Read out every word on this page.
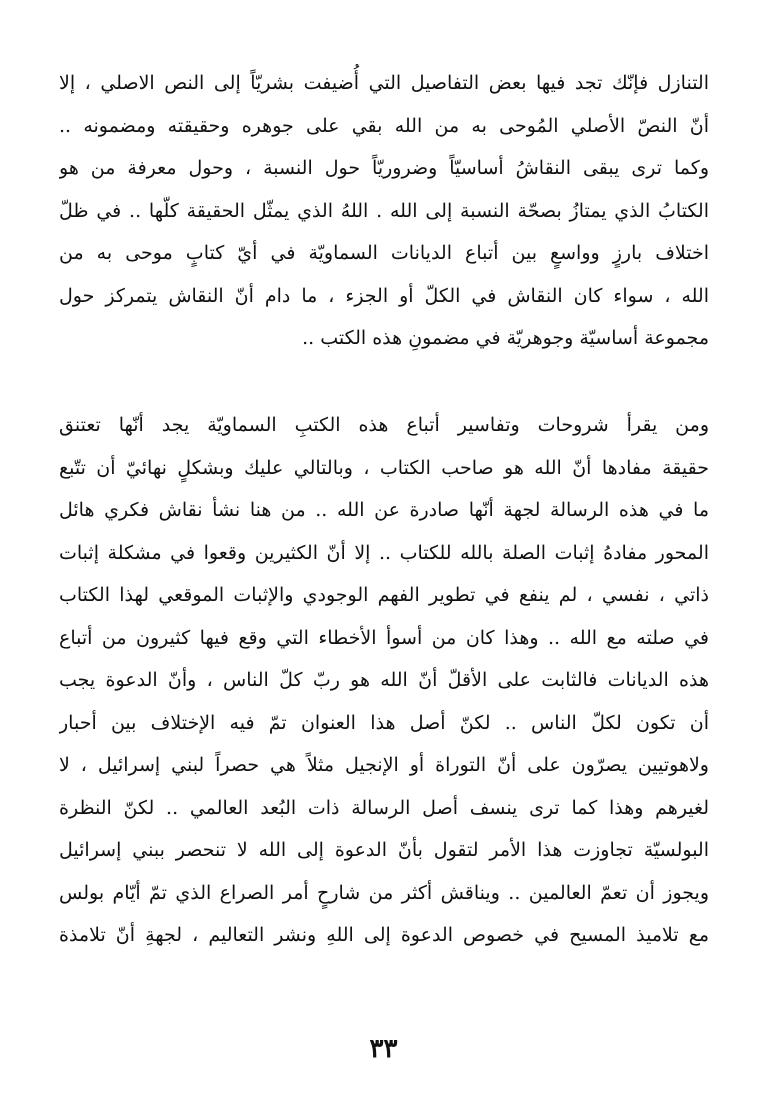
التنازل فإنّك تجد فيها بعض التفاصيل التي أُضيفت بشريّاً إلى النص الاصلي ، إلا
أنّ النصّ الأصلي المُوحى به من الله بقي على جوهره وحقيقته ومضمونه ..
وكما ترى يبقى النقاشُ أساسيّاً وضروريّاً حول النسبة ، وحول معرفة من هو
الكتابُ الذي يمتازُ بصحّة النسبة إلى الله . اللهُ الذي يمثّل الحقيقة كلّها .. في ظلّ
اختلاف بارزٍ وواسعٍ بين أتباع الديانات السماويّة في أيّ كتابٍ موحى به من
الله ، سواء كان النقاش في الكلّ أو الجزء ، ما دام أنّ النقاش يتمركز حول
مجموعة أساسيّة وجوهريّة في مضمونِ هذه الكتب ..
ومن يقرأ شروحات وتفاسير أتباع هذه الكتبِ السماويّة يجد أنّها تعتنق
حقيقة مفادها أنّ الله هو صاحب الكتاب ، وبالتالي عليك وبشكلٍ نهائيّ أن تتّبع
ما في هذه الرسالة لجهة أنّها صادرة عن الله .. من هنا نشأ نقاش فكري هائل
المحور مفادهُ إثبات الصلة بالله للكتاب .. إلا أنّ الكثيرين وقعوا في مشكلة إثبات
ذاتي ، نفسي ، لم ينفع في تطوير الفهم الوجودي والإثبات الموقعي لهذا الكتاب
في صلته مع الله .. وهذا كان من أسوأ الأخطاء التي وقع فيها كثيرون من أتباع
هذه الديانات فالثابت على الأقلّ أنّ الله هو ربّ كلّ الناس ، وأنّ الدعوة يجب
أن تكون لكلّ الناس .. لكنّ أصل هذا العنوان تمّ فيه الإختلاف بين أحبار
ولاهوتيين يصرّون على أنّ التوراة أو الإنجيل مثلاً هي حصراً لبني إسرائيل ، لا
لغيرهم وهذا كما ترى ينسف أصل الرسالة ذات البُعد العالمي .. لكنّ النظرة
البولسيّة تجاوزت هذا الأمر لتقول بأنّ الدعوة إلى الله لا تنحصر ببني إسرائيل
ويجوز أن تعمّ العالمين .. ويناقش أكثر من شارحٍ أمر الصراع الذي تمّ أيّام بولس
مع تلاميذ المسيح في خصوص الدعوة إلى اللهِ ونشر التعاليم ، لجهةِ أنّ تلامذة
٣٣
